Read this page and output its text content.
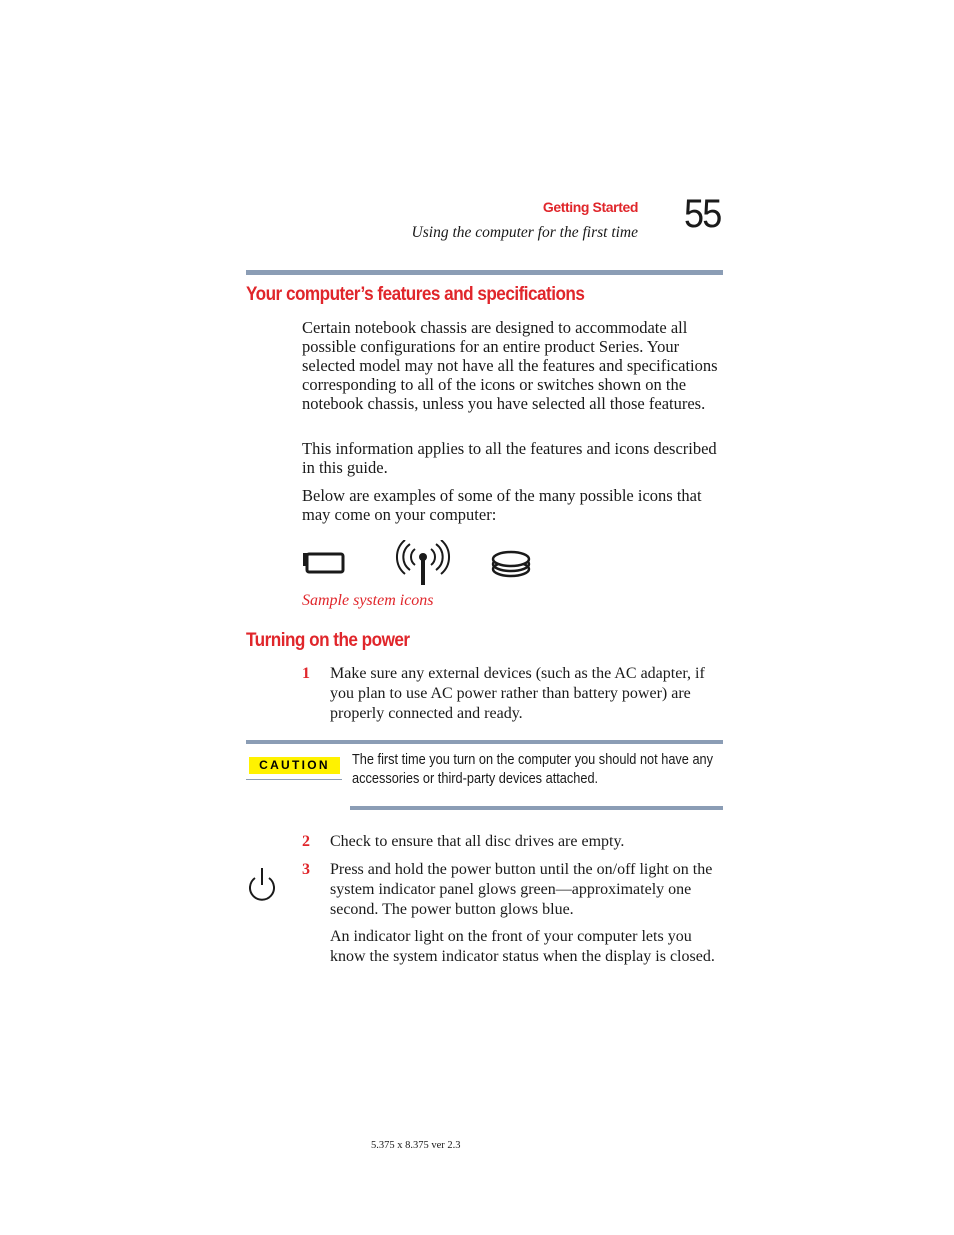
Getting Started
Using the computer for the first time 55
Your computer’s features and specifications
Certain notebook chassis are designed to accommodate all possible configurations for an entire product Series. Your selected model may not have all the features and specifications corresponding to all of the icons or switches shown on the notebook chassis, unless you have selected all those features.
This information applies to all the features and icons described in this guide.
Below are examples of some of the many possible icons that may come on your computer:
Sample system icons
Turning on the power
1 Make sure any external devices (such as the AC adapter, if you plan to use AC power rather than battery power) are properly connected and ready.
CAUTION	The first time you turn on the computer you should not have any accessories or third-party devices attached.
2 Check to ensure that all disc drives are empty.
3 Press and hold the power button until the on/off light on the system indicator panel glows green—approximately one second. The power button glows blue.
An indicator light on the front of your computer lets you know the system indicator status when the display is closed.
5.375 x 8.375 ver 2.3
